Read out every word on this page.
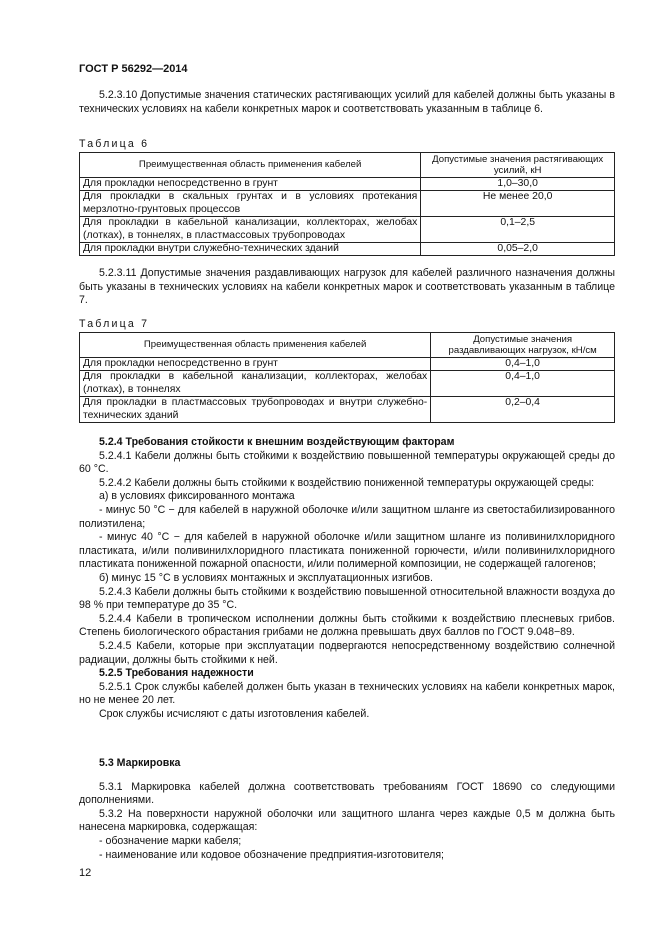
ГОСТ Р 56292—2014

5.2.3.10 Допустимые значения статических растягивающих усилий для кабелей должны быть указаны в технических условиях на кабели конкретных марок и соответствовать указанным в таблице 6.

Таблица 6
Преимущественная область применения кабелей	Допустимые значения растягивающих усилий, кН
Для прокладки непосредственно в грунт	1,0–30,0
Для прокладки в скальных грунтах и в условиях протекания мерзлотно-грунтовых процессов	Не менее 20,0
Для прокладки в кабельной канализации, коллекторах, желобах (лотках), в тоннелях, в пластмассовых трубопроводах	0,1–2,5
Для прокладки внутри служебно-технических зданий	0,05–2,0

5.2.3.11 Допустимые значения раздавливающих нагрузок для кабелей различного назначения должны быть указаны в технических условиях на кабели конкретных марок и соответствовать указанным в таблице 7.

Таблица 7
Преимущественная область применения кабелей	Допустимые значения раздавливающих нагрузок, кН/см
Для прокладки непосредственно в грунт	0,4–1,0
Для прокладки в кабельной канализации, коллекторах, желобах (лотках), в тоннелях	0,4–1,0
Для прокладки в пластмассовых трубопроводах и внутри служебно-технических зданий	0,2–0,4

5.2.4 Требования стойкости к внешним воздействующим факторам

5.2.4.1 Кабели должны быть стойкими к воздействию повышенной температуры окружающей среды до 60 °С.

5.2.4.2 Кабели должны быть стойкими к воздействию пониженной температуры окружающей среды:

а) в условиях фиксированного монтажа

- минус 50 °С − для кабелей в наружной оболочке и/или защитном шланге из светостабилизированного полиэтилена;

- минус 40 °С − для кабелей в наружной оболочке и/или защитном шланге из поливинилхлоридного пластиката, и/или поливинилхлоридного пластиката пониженной горючести, и/или поливинилхлоридного пластиката пониженной пожарной опасности, и/или полимерной композиции, не содержащей галогенов;

б) минус 15 °С в условиях монтажных и эксплуатационных изгибов.

5.2.4.3 Кабели должны быть стойкими к воздействию повышенной относительной влажности воздуха до 98 % при температуре до 35 °С.

5.2.4.4 Кабели в тропическом исполнении должны быть стойкими к воздействию плесневых грибов. Степень биологического обрастания грибами не должна превышать двух баллов по ГОСТ 9.048−89.

5.2.4.5 Кабели, которые при эксплуатации подвергаются непосредственному воздействию солнечной радиации, должны быть стойкими к ней.

5.2.5 Требования надежности

5.2.5.1 Срок службы кабелей должен быть указан в технических условиях на кабели конкретных марок, но не менее 20 лет.

Срок службы исчисляют с даты изготовления кабелей.

5.3 Маркировка

5.3.1 Маркировка кабелей должна соответствовать требованиям ГОСТ 18690 со следующими дополнениями.

5.3.2 На поверхности наружной оболочки или защитного шланга через каждые 0,5 м должна быть нанесена маркировка, содержащая:

- обозначение марки кабеля;

- наименование или кодовое обозначение предприятия-изготовителя;

12
